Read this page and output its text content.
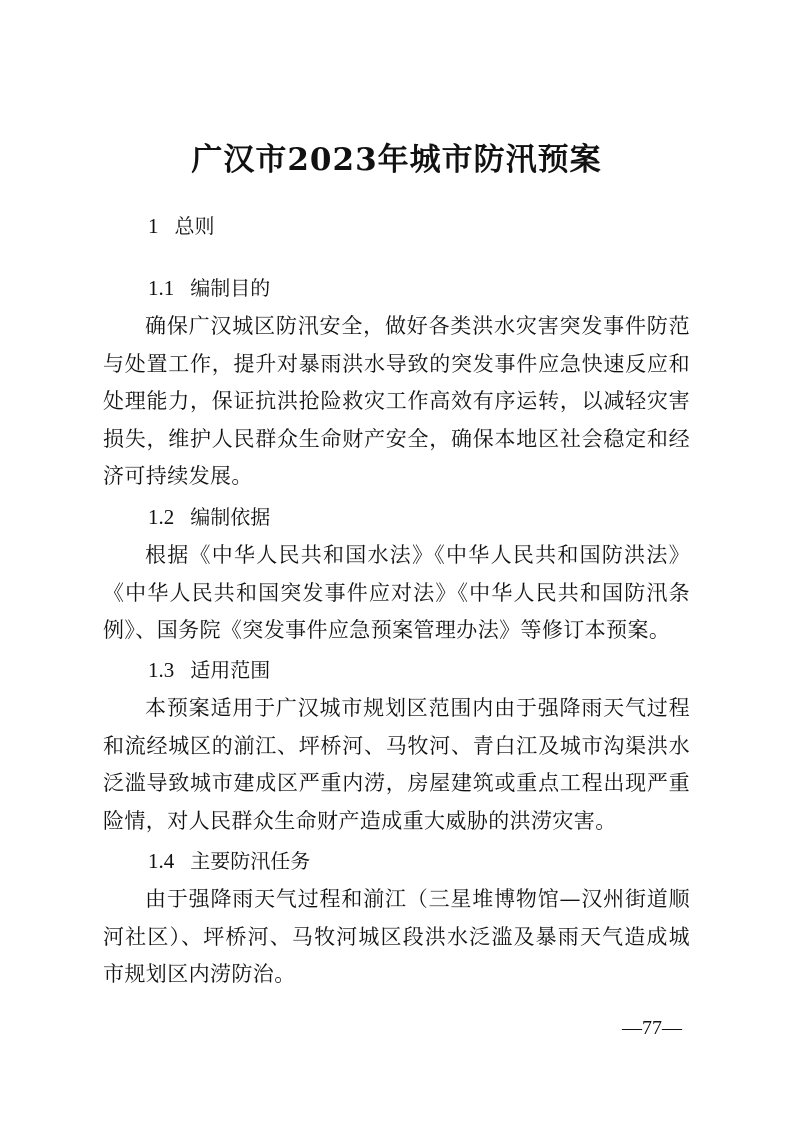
广汉市2023年城市防汛预案
1 总则
1.1 编制目的
确保广汉城区防汛安全，做好各类洪水灾害突发事件防范与处置工作，提升对暴雨洪水导致的突发事件应急快速反应和处理能力，保证抗洪抢险救灾工作高效有序运转，以减轻灾害损失，维护人民群众生命财产安全，确保本地区社会稳定和经济可持续发展。
1.2 编制依据
根据《中华人民共和国水法》《中华人民共和国防洪法》《中华人民共和国突发事件应对法》《中华人民共和国防汛条例》、国务院《突发事件应急预案管理办法》等修订本预案。
1.3 适用范围
本预案适用于广汉城市规划区范围内由于强降雨天气过程和流经城区的湔江、坪桥河、马牧河、青白江及城市沟渠洪水泛滥导致城市建成区严重内涝，房屋建筑或重点工程出现严重险情，对人民群众生命财产造成重大威胁的洪涝灾害。
1.4 主要防汛任务
由于强降雨天气过程和湔江（三星堆博物馆—汉州街道顺河社区）、坪桥河、马牧河城区段洪水泛滥及暴雨天气造成城市规划区内涝防治。
—77—
